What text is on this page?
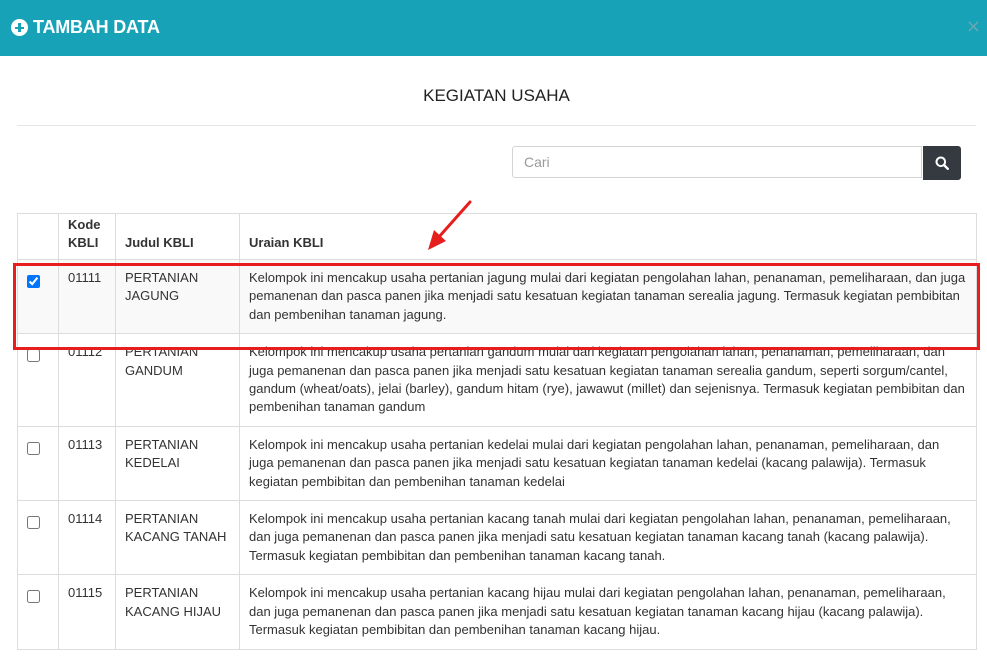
TAMBAH DATA	×
KEGIATAN USAHA
Cari
	Kode KBLI	Judul KBLI	Uraian KBLI
	01111	PERTANIAN JAGUNG	Kelompok ini mencakup usaha pertanian jagung mulai dari kegiatan pengolahan lahan, penanaman, pemeliharaan, dan juga pemanenan dan pasca panen jika menjadi satu kesatuan kegiatan tanaman serealia jagung. Termasuk kegiatan pembibitan dan pembenihan tanaman jagung.
	01112	PERTANIAN GANDUM	Kelompok ini mencakup usaha pertanian gandum mulai dari kegiatan pengolahan lahan, penanaman, pemeliharaan, dan juga pemanenan dan pasca panen jika menjadi satu kesatuan kegiatan tanaman serealia gandum, seperti sorgum/cantel, gandum (wheat/oats), jelai (barley), gandum hitam (rye), jawawut (millet) dan sejenisnya. Termasuk kegiatan pembibitan dan pembenihan tanaman gandum
	01113	PERTANIAN KEDELAI	Kelompok ini mencakup usaha pertanian kedelai mulai dari kegiatan pengolahan lahan, penanaman, pemeliharaan, dan juga pemanenan dan pasca panen jika menjadi satu kesatuan kegiatan tanaman kedelai (kacang palawija). Termasuk kegiatan pembibitan dan pembenihan tanaman kedelai
	01114	PERTANIAN KACANG TANAH	Kelompok ini mencakup usaha pertanian kacang tanah mulai dari kegiatan pengolahan lahan, penanaman, pemeliharaan, dan juga pemanenan dan pasca panen jika menjadi satu kesatuan kegiatan tanaman kacang tanah (kacang palawija). Termasuk kegiatan pembibitan dan pembenihan tanaman kacang tanah.
	01115	PERTANIAN KACANG HIJAU	Kelompok ini mencakup usaha pertanian kacang hijau mulai dari kegiatan pengolahan lahan, penanaman, pemeliharaan, dan juga pemanenan dan pasca panen jika menjadi satu kesatuan kegiatan tanaman kacang hijau (kacang palawija). Termasuk kegiatan pembibitan dan pembenihan tanaman kacang hijau.
